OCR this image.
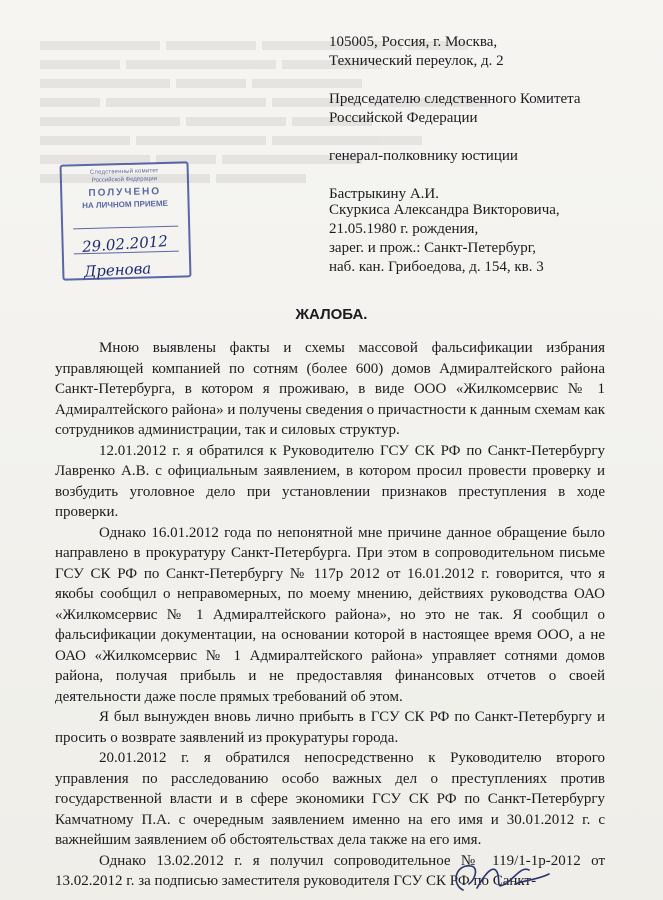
105005, Россия, г. Москва,
Технический переулок, д. 2
Председателю следственного Комитета
Российской Федерации
генерал-полковнику юстиции
Бастрыкину А.И.
Скуркиса Александра Викторовича,
21.05.1980 г. рождения,
зарег. и прож.: Санкт-Петербург,
наб. кан. Грибоедова, д. 154, кв. 3
Следственный комитет
Российской Федерации
ПОЛУЧЕНО
НА ЛИЧНОМ ПРИЕМЕ
29.02.2012
Дренова
ЖАЛОБА.

Мною выявлены факты и схемы массовой фальсификации избрания управляющей компанией по сотням (более 600) домов Адмиралтейского района Санкт-Петербурга, в котором я проживаю, в виде ООО «Жилкомсервис № 1 Адмиралтейского района» и получены сведения о причастности к данным схемам как сотрудников администрации, так и силовых структур.

12.01.2012 г. я обратился к Руководителю ГСУ СК РФ по Санкт-Петербургу Лавренко А.В. с официальным заявлением, в котором просил провести проверку и возбудить уголовное дело при установлении признаков преступления в ходе проверки.

Однако 16.01.2012 года по непонятной мне причине данное обращение было направлено в прокуратуру Санкт-Петербурга. При этом в сопроводительном письме ГСУ СК РФ по Санкт-Петербургу № 117р 2012 от 16.01.2012 г. говорится, что я якобы сообщил о неправомерных, по моему мнению, действиях руководства ОАО «Жилкомсервис № 1 Адмиралтейского района», но это не так. Я сообщил о фальсификации документации, на основании которой в настоящее время ООО, а не ОАО «Жилкомсервис № 1 Адмиралтейского района» управляет сотнями домов района, получая прибыль и не предоставляя финансовых отчетов о своей деятельности даже после прямых требований об этом.

Я был вынужден вновь лично прибыть в ГСУ СК РФ по Санкт-Петербургу и просить о возврате заявлений из прокуратуры города.

20.01.2012 г. я обратился непосредственно к Руководителю второго управления по расследованию особо важных дел о преступлениях против государственной власти и в сфере экономики ГСУ СК РФ по Санкт-Петербургу Камчатному П.А. с очередным заявлением именно на его имя и 30.01.2012 г. с важнейшим заявлением об обстоятельствах дела также на его имя.

Однако 13.02.2012 г. я получил сопроводительное № 119/1-1р-2012 от 13.02.2012 г. за подписью заместителя руководителя ГСУ СК РФ по Санкт-
